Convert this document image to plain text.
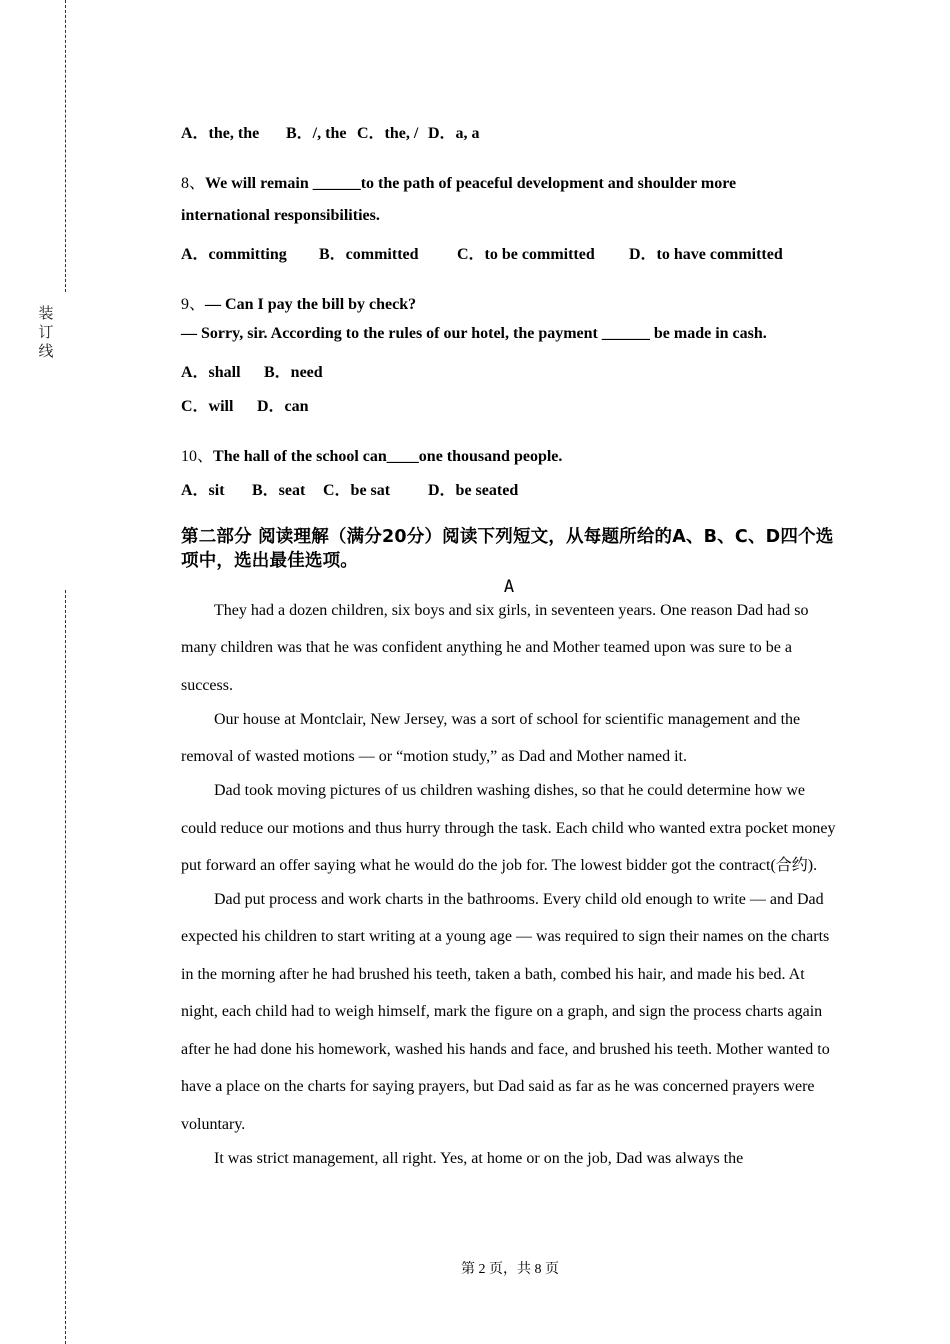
装订线
A．the, the B．/, the C．the, / D．a, a
8、We will remain ______to the path of peaceful development and shoulder more
international responsibilities.
A．committing B．committed C．to be committed D．to have committed
9、— Can I pay the bill by check?
— Sorry, sir. According to the rules of our hotel, the payment ______ be made in cash.
A．shall B．need
C．will D．can
10、The hall of the school can____one thousand people.
A．sit B．seat C．be sat D．be seated
第二部分 阅读理解（满分20分）阅读下列短文，从每题所给的A、B、C、D四个选项中，选出最佳选项。
A

They had a dozen children, six boys and six girls, in seventeen years. One reason Dad had so many children was that he was confident anything he and Mother teamed upon was sure to be a success.

Our house at Montclair, New Jersey, was a sort of school for scientific management and the removal of wasted motions — or “motion study,” as Dad and Mother named it.

Dad took moving pictures of us children washing dishes, so that he could determine how we could reduce our motions and thus hurry through the task. Each child who wanted extra pocket money put forward an offer saying what he would do the job for. The lowest bidder got the contract(合约).

Dad put process and work charts in the bathrooms. Every child old enough to write — and Dad expected his children to start writing at a young age — was required to sign their names on the charts in the morning after he had brushed his teeth, taken a bath, combed his hair, and made his bed. At night, each child had to weigh himself, mark the figure on a graph, and sign the process charts again after he had done his homework, washed his hands and face, and brushed his teeth. Mother wanted to have a place on the charts for saying prayers, but Dad said as far as he was concerned prayers were voluntary.

It was strict management, all right. Yes, at home or on the job, Dad was always the

第 2 页，共 8 页
